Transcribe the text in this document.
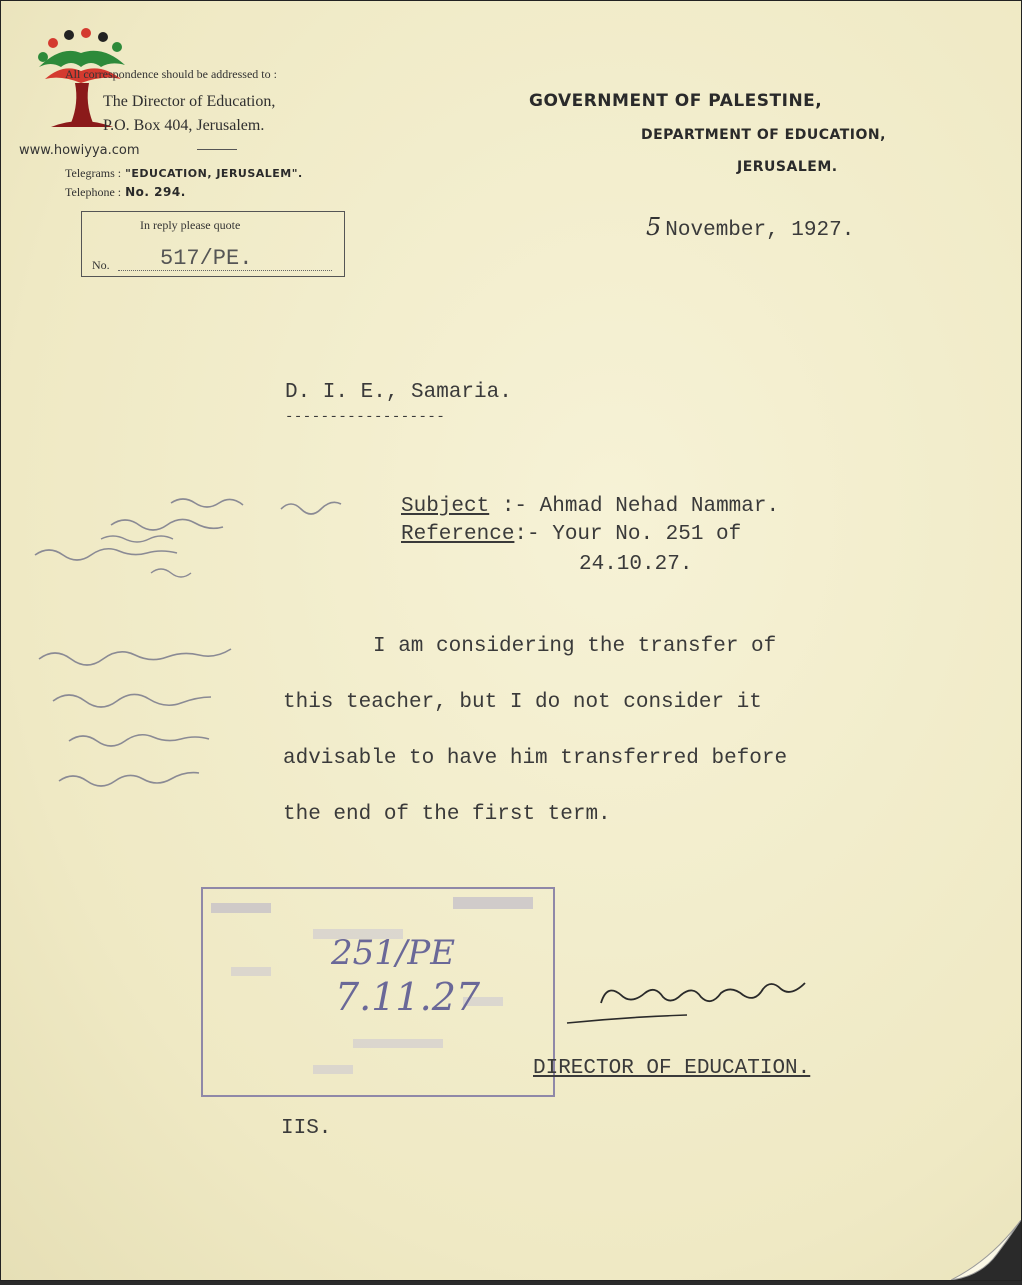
www.howiyya.com
All correspondence should be addressed to :
The Director of Education,
P.O. Box 404, Jerusalem.
Telegrams : "EDUCATION, JERUSALEM".
Telephone : No. 294.
In reply please quote
No. 517/PE.
GOVERNMENT OF PALESTINE,
DEPARTMENT OF EDUCATION,
JERUSALEM.
5 November, 1927.
D. I. E., Samaria.
------------------
Subject :- Ahmad Nehad Nammar.
Reference:- Your No. 251 of
24.10.27.
I am considering the transfer of
this teacher, but I do not consider it
advisable to have him transferred before
the end of the first term.
251/PE
7.11.27
DIRECTOR OF EDUCATION.
IIS.
